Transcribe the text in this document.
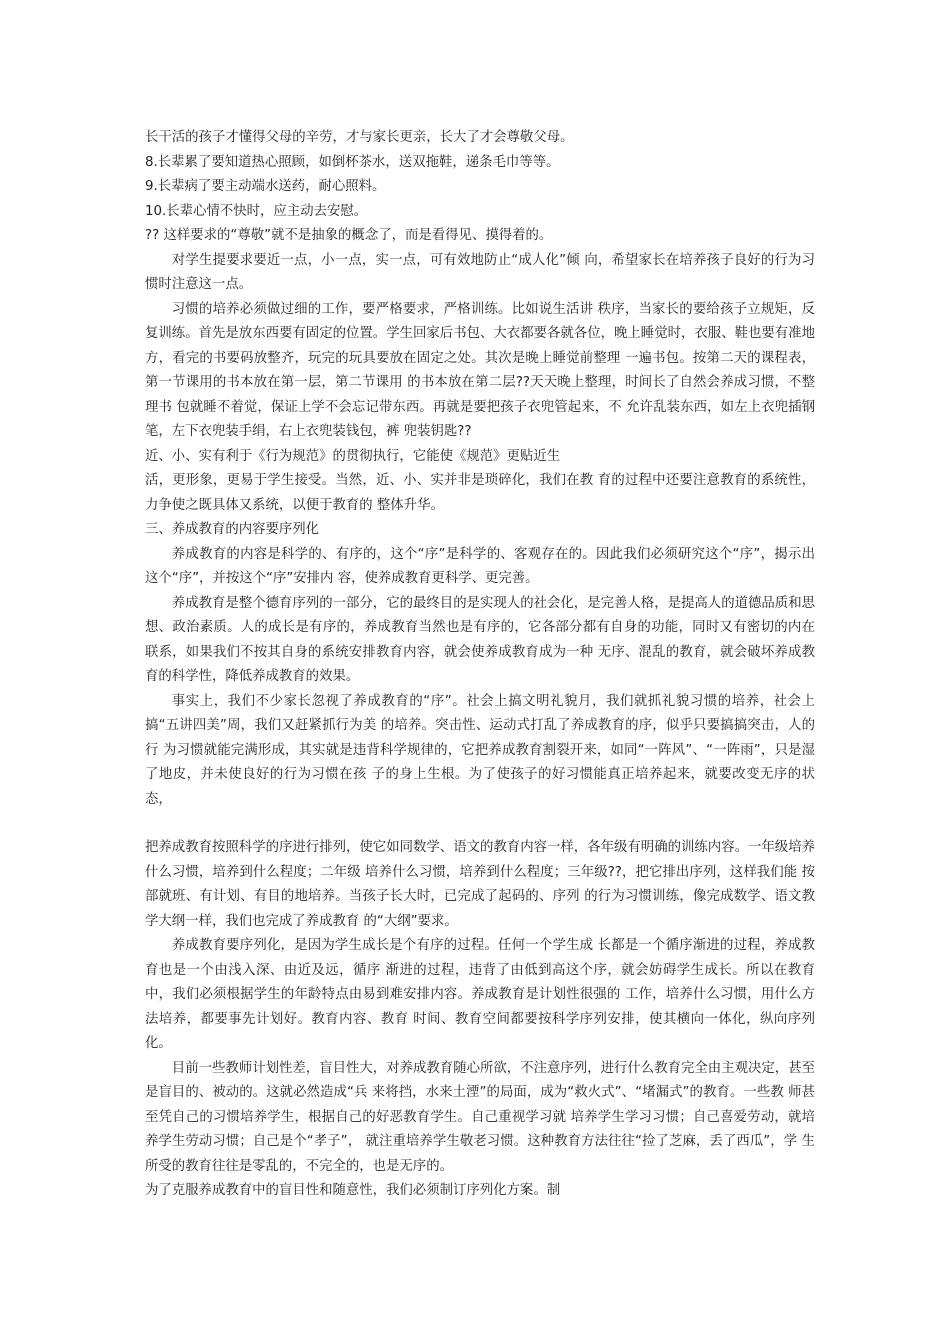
长干活的孩子才懂得父母的辛劳，才与家长更亲，长大了才会尊敬父母。

8.长辈累了要知道热心照顾，如倒杯茶水，送双拖鞋，递条毛巾等等。

9.长辈病了要主动端水送药，耐心照料。

10.长辈心情不快时，应主动去安慰。

?? 这样要求的“尊敬”就不是抽象的概念了，而是看得见、摸得着的。

对学生提要求要近一点，小一点，实一点，可有效地防止“成人化”倾 向，希望家长在培养孩子良好的行为习惯时注意这一点。

习惯的培养必须做过细的工作，要严格要求，严格训练。比如说生活讲 秩序，当家长的要给孩子立规矩，反复训练。首先是放东西要有固定的位置。学生回家后书包、大衣都要各就各位，晚上睡觉时，衣服、鞋也要有准地方，看完的书要码放整齐，玩完的玩具要放在固定之处。其次是晚上睡觉前整理 一遍书包。按第二天的课程表，第一节课用的书本放在第一层，第二节课用 的书本放在第二层??天天晚上整理，时间长了自然会养成习惯，不整理书 包就睡不着觉，保证上学不会忘记带东西。再就是要把孩子衣兜管起来，不 允许乱装东西，如左上衣兜插钢笔，左下衣兜装手绢，右上衣兜装钱包，裤 兜装钥匙??

近、小、实有利于《行为规范》的贯彻执行，它能使《规范》更贴近生

活，更形象，更易于学生接受。当然，近、小、实并非是琐碎化，我们在教 育的过程中还要注意教育的系统性，力争使之既具体又系统，以便于教育的 整体升华。

三、养成教育的内容要序列化

养成教育的内容是科学的、有序的，这个“序”是科学的、客观存在的。因此我们必须研究这个“序”，揭示出这个“序”，并按这个“序”安排内 容，使养成教育更科学、更完善。

养成教育是整个德育序列的一部分，它的最终目的是实现人的社会化，是完善人格，是提高人的道德品质和思想、政治素质。人的成长是有序的，养成教育当然也是有序的，它各部分都有自身的功能，同时又有密切的内在 联系，如果我们不按其自身的系统安排教育内容，就会使养成教育成为一种 无序、混乱的教育，就会破坏养成教育的科学性，降低养成教育的效果。

事实上，我们不少家长忽视了养成教育的“序”。社会上搞文明礼貌月，我们就抓礼貌习惯的培养，社会上搞“五讲四美”周，我们又赶紧抓行为美 的培养。突击性、运动式打乱了养成教育的序，似乎只要搞搞突击，人的行 为习惯就能完满形成，其实就是违背科学规律的，它把养成教育割裂开来，如同“一阵风”、“一阵雨”，只是湿了地皮，并未使良好的行为习惯在孩 子的身上生根。为了使孩子的好习惯能真正培养起来，就要改变无序的状态，

把养成教育按照科学的序进行排列，使它如同数学、语文的教育内容一样，各年级有明确的训练内容。一年级培养什么习惯，培养到什么程度；二年级 培养什么习惯，培养到什么程度；三年级??，把它排出序列，这样我们能 按部就班、有计划、有目的地培养。当孩子长大时，已完成了起码的、序列 的行为习惯训练，像完成数学、语文教学大纲一样，我们也完成了养成教育 的“大纲”要求。

养成教育要序列化，是因为学生成长是个有序的过程。任何一个学生成 长都是一个循序渐进的过程，养成教育也是一个由浅入深、由近及远，循序 渐进的过程，违背了由低到高这个序，就会妨碍学生成长。所以在教育中，我们必须根据学生的年龄特点由易到难安排内容。养成教育是计划性很强的 工作，培养什么习惯，用什么方法培养，都要事先计划好。教育内容、教育 时间、教育空间都要按科学序列安排，使其横向一体化，纵向序列化。

目前一些教师计划性差，盲目性大，对养成教育随心所欲，不注意序列，进行什么教育完全由主观决定，甚至是盲目的、被动的。这就必然造成“兵 来将挡，水来土湮”的局面，成为“救火式”、“堵漏式”的教育。一些教 师甚至凭自己的习惯培养学生，根据自己的好恶教育学生。自己重视学习就 培养学生学习习惯；自己喜爱劳动，就培养学生劳动习惯；自己是个“孝子”， 就注重培养学生敬老习惯。这种教育方法往往“捡了芝麻，丢了西瓜”，学 生所受的教育往往是零乱的，不完全的，也是无序的。

为了克服养成教育中的盲目性和随意性，我们必须制订序列化方案。制
